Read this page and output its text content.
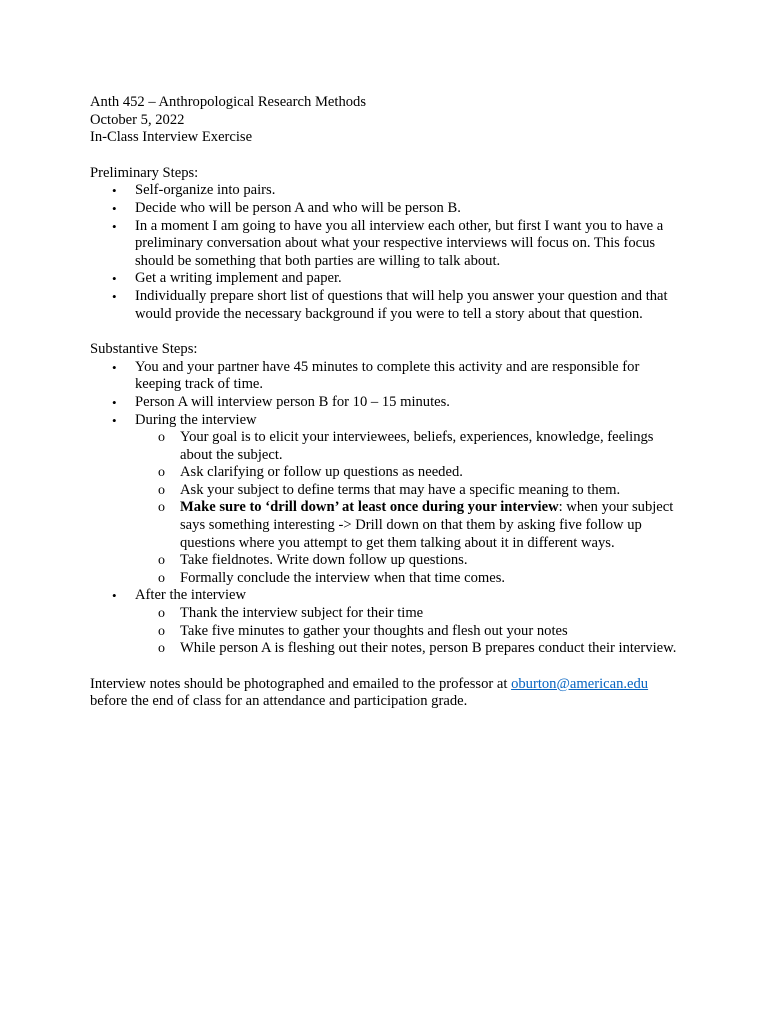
Anth 452 – Anthropological Research Methods

October 5, 2022

In-Class Interview Exercise

Preliminary Steps:

• Self-organize into pairs.
• Decide who will be person A and who will be person B.
• In a moment I am going to have you all interview each other, but first I want you to have a preliminary conversation about what your respective interviews will focus on. This focus should be something that both parties are willing to talk about.
• Get a writing implement and paper.
• Individually prepare short list of questions that will help you answer your question and that would provide the necessary background if you were to tell a story about that question.

Substantive Steps:

• You and your partner have 45 minutes to complete this activity and are responsible for keeping track of time.
• Person A will interview person B for 10 – 15 minutes.
• During the interview
o Your goal is to elicit your interviewees, beliefs, experiences, knowledge, feelings about the subject.
o Ask clarifying or follow up questions as needed.
o Ask your subject to define terms that may have a specific meaning to them.
o Make sure to ‘drill down’ at least once during your interview: when your subject says something interesting -> Drill down on that them by asking five follow up questions where you attempt to get them talking about it in different ways.
o Take fieldnotes. Write down follow up questions.
o Formally conclude the interview when that time comes.
• After the interview
o Thank the interview subject for their time
o Take five minutes to gather your thoughts and flesh out your notes
o While person A is fleshing out their notes, person B prepares conduct their interview.

Interview notes should be photographed and emailed to the professor at oburton@american.edu
before the end of class for an attendance and participation grade.
